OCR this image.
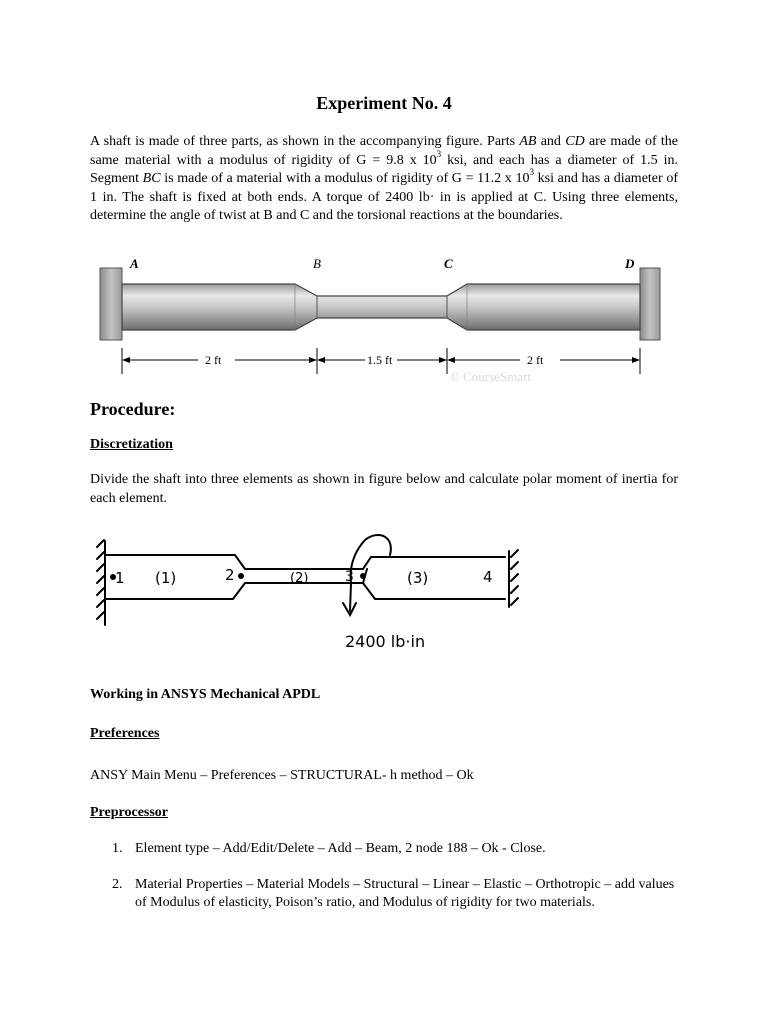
Experiment No. 4
A shaft is made of three parts, as shown in the accompanying figure. Parts AB and CD are made of the same material with a modulus of rigidity of G = 9.8 x $10^3$ ksi, and each has a diameter of 1.5 in. Segment BC is made of a material with a modulus of rigidity of G = 11.2 x $10^3$ ksi and has a diameter of 1 in. The shaft is fixed at both ends. A torque of 2400 lb· in is applied at C. Using three elements, determine the angle of twist at B and C and the torsional reactions at the boundaries.
A	B	C	D
2 ft	1.5 ft	2 ft
© CourseSmart
Procedure:
Discretization
Divide the shaft into three elements as shown in figure below and calculate polar moment of inertia for each element.
1 (1)	2	(2)	3	(3)	4
2400 lb·in
Working in ANSYS Mechanical APDL
Preferences
ANSY Main Menu – Preferences – STRUCTURAL- h method – Ok
Preprocessor
1. Element type – Add/Edit/Delete – Add – Beam, 2 node 188 – Ok - Close.
2. Material Properties – Material Models – Structural – Linear – Elastic – Orthotropic – add values of Modulus of elasticity, Poison’s ratio, and Modulus of rigidity for two materials.
